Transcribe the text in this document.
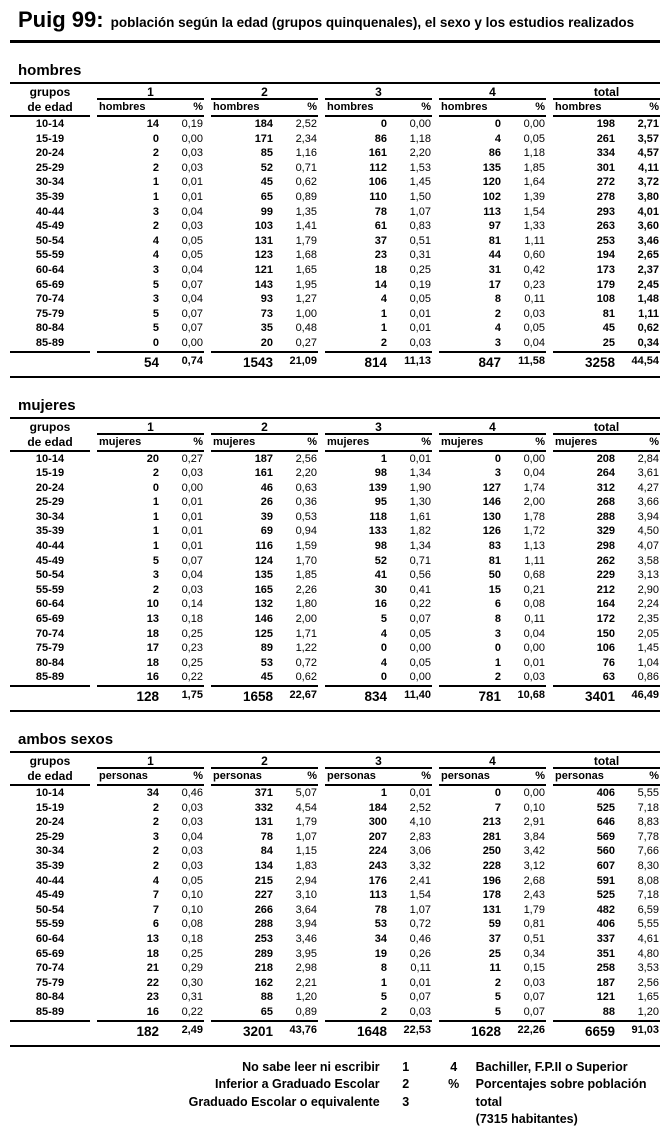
Puig 99: población según la edad (grupos quinquenales), el sexo y los estudios realizados
hombres
grupos	1	2	3	4	total
de edad	hombres	% hombres	% hombres	% hombres	% hombres	%
10-14	14	0,19	184	2,52	0	0,00	0	0,00	198	2,71
15-19	0	0,00	171	2,34	86	1,18	4	0,05	261	3,57
20-24	2	0,03	85	1,16	161	2,20	86	1,18	334	4,57
25-29	2	0,03	52	0,71	112	1,53	135	1,85	301	4,11
30-34	1	0,01	45	0,62	106	1,45	120	1,64	272	3,72
35-39	1	0,01	65	0,89	110	1,50	102	1,39	278	3,80
40-44	3	0,04	99	1,35	78	1,07	113	1,54	293	4,01
45-49	2	0,03	103	1,41	61	0,83	97	1,33	263	3,60
50-54	4	0,05	131	1,79	37	0,51	81	1,11	253	3,46
55-59	4	0,05	123	1,68	23	0,31	44	0,60	194	2,65
60-64	3	0,04	121	1,65	18	0,25	31	0,42	173	2,37
65-69	5	0,07	143	1,95	14	0,19	17	0,23	179	2,45
70-74	3	0,04	93	1,27	4	0,05	8	0,11	108	1,48
75-79	5	0,07	73	1,00	1	0,01	2	0,03	81	1,11
80-84	5	0,07	35	0,48	1	0,01	4	0,05	45	0,62
85-89	0	0,00	20	0,27	2	0,03	3	0,04	25	0,34
54	0,74	1543	21,09	814	11,13	847	11,58	3258	44,54
mujeres
grupos	1	2	3	4	total
de edad	mujeres	% mujeres	% mujeres	% mujeres	% mujeres	%
10-14	20	0,27	187	2,56	1	0,01	0	0,00	208	2,84
15-19	2	0,03	161	2,20	98	1,34	3	0,04	264	3,61
20-24	0	0,00	46	0,63	139	1,90	127	1,74	312	4,27
25-29	1	0,01	26	0,36	95	1,30	146	2,00	268	3,66
30-34	1	0,01	39	0,53	118	1,61	130	1,78	288	3,94
35-39	1	0,01	69	0,94	133	1,82	126	1,72	329	4,50
40-44	1	0,01	116	1,59	98	1,34	83	1,13	298	4,07
45-49	5	0,07	124	1,70	52	0,71	81	1,11	262	3,58
50-54	3	0,04	135	1,85	41	0,56	50	0,68	229	3,13
55-59	2	0,03	165	2,26	30	0,41	15	0,21	212	2,90
60-64	10	0,14	132	1,80	16	0,22	6	0,08	164	2,24
65-69	13	0,18	146	2,00	5	0,07	8	0,11	172	2,35
70-74	18	0,25	125	1,71	4	0,05	3	0,04	150	2,05
75-79	17	0,23	89	1,22	0	0,00	0	0,00	106	1,45
80-84	18	0,25	53	0,72	4	0,05	1	0,01	76	1,04
85-89	16	0,22	45	0,62	0	0,00	2	0,03	63	0,86
128	1,75	1658	22,67	834	11,40	781	10,68	3401	46,49
ambos sexos
grupos	1	2	3	4	total
de edad	personas	% personas	% personas	% personas	% personas	%
10-14	34	0,46	371	5,07	1	0,01	0	0,00	406	5,55
15-19	2	0,03	332	4,54	184	2,52	7	0,10	525	7,18
20-24	2	0,03	131	1,79	300	4,10	213	2,91	646	8,83
25-29	3	0,04	78	1,07	207	2,83	281	3,84	569	7,78
30-34	2	0,03	84	1,15	224	3,06	250	3,42	560	7,66
35-39	2	0,03	134	1,83	243	3,32	228	3,12	607	8,30
40-44	4	0,05	215	2,94	176	2,41	196	2,68	591	8,08
45-49	7	0,10	227	3,10	113	1,54	178	2,43	525	7,18
50-54	7	0,10	266	3,64	78	1,07	131	1,79	482	6,59
55-59	6	0,08	288	3,94	53	0,72	59	0,81	406	5,55
60-64	13	0,18	253	3,46	34	0,46	37	0,51	337	4,61
65-69	18	0,25	289	3,95	19	0,26	25	0,34	351	4,80
70-74	21	0,29	218	2,98	8	0,11	11	0,15	258	3,53
75-79	22	0,30	162	2,21	1	0,01	2	0,03	187	2,56
80-84	23	0,31	88	1,20	5	0,07	5	0,07	121	1,65
85-89	16	0,22	65	0,89	2	0,03	5	0,07	88	1,20
182	2,49	3201	43,76	1648	22,53	1628	22,26	6659	91,03
No sabe leer ni escribir	1
Inferior a Graduado Escolar	2
Graduado Escolar o equivalente	3
4	Bachiller, F.P.II o Superior
%	Porcentajes sobre población total
(7315 habitantes)
